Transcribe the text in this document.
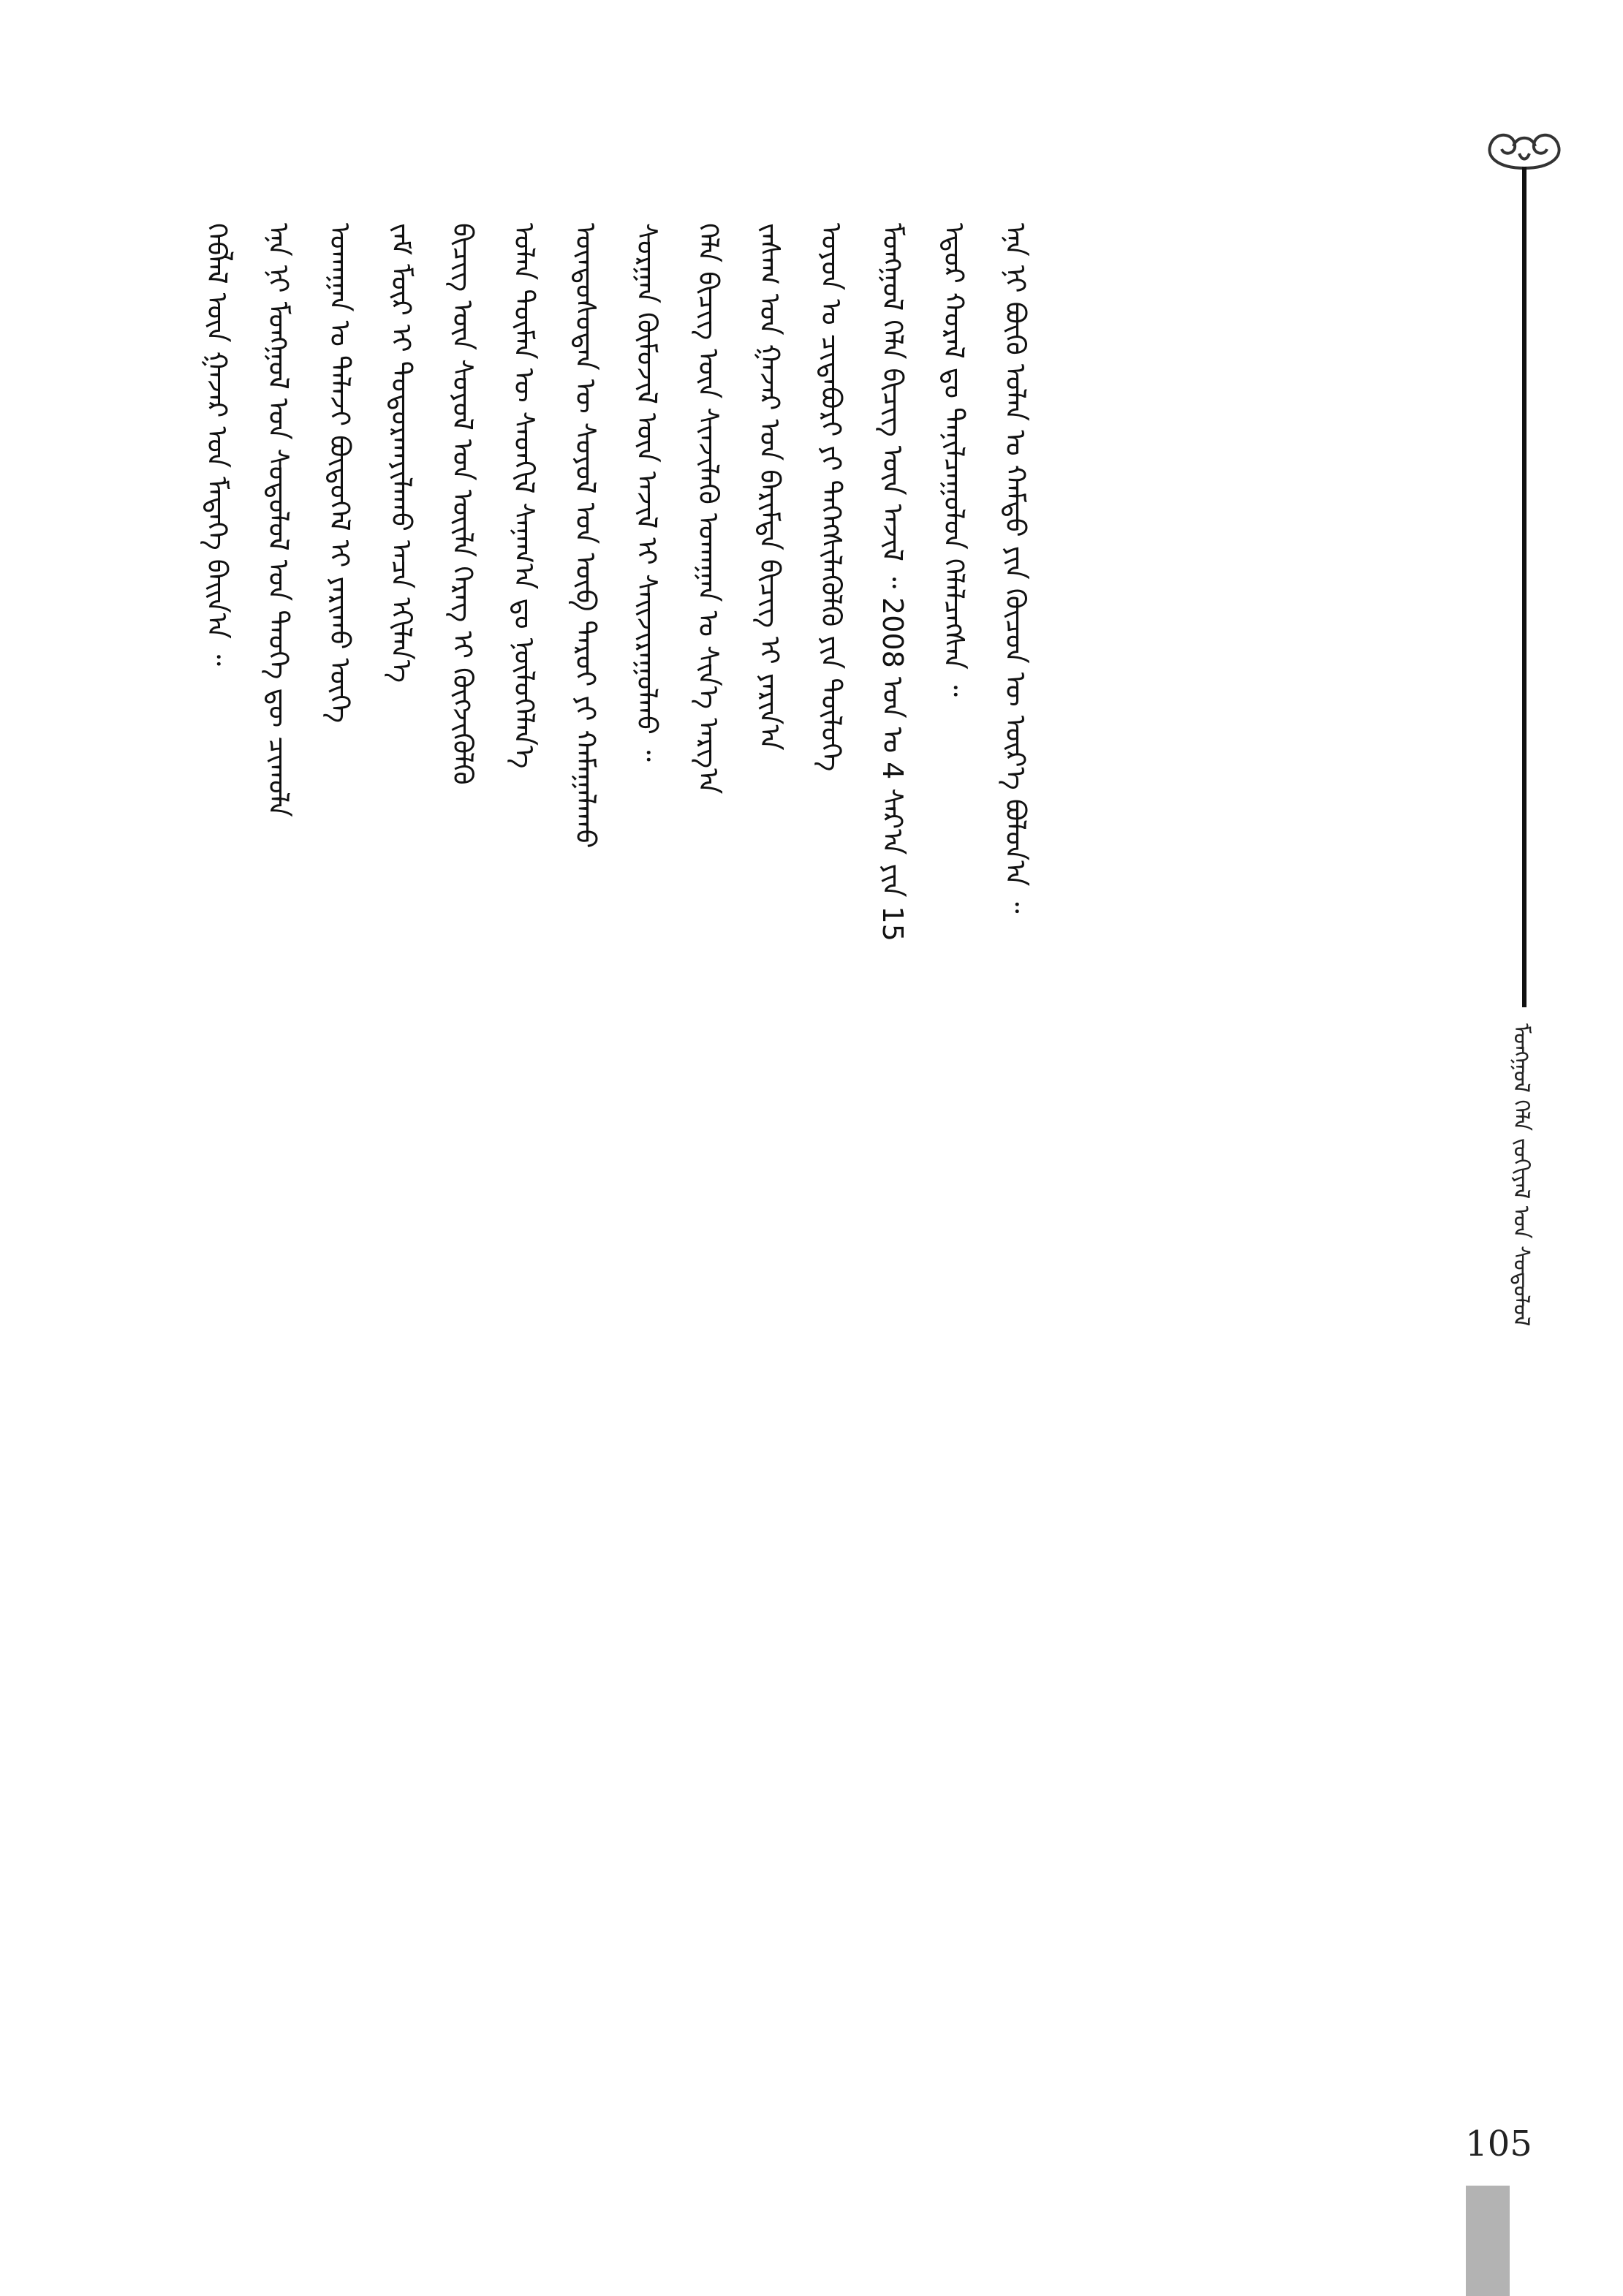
ᠮᠣᠩᠭᠣᠯ ᠬᠡᠯᠡ ᠵᠣᠬᠢᠶᠠᠯ ᠤᠨ ᠰᠤᠳᠤᠯᠤᠯ
ᠬᠡᠪᠯᠡᠯ ᠦᠨ ᠭᠠᠵᠠᠷ ᠤᠨ ᠮᠡᠳᠡᠭᠡ ᠪᠠᠢᠨ᠎ᠠ ᠃	ᠡᠨᠡ ᠨᠢ ᠮᠣᠩᠭᠣᠯ ᠤᠨ ᠰᠤᠳᠤᠯᠤᠯ ᠤᠨ ᠲᠡᠦᠬᠡ ᠳᠦ ᠴᠢᠬᠤᠯᠠ	ᠤᠬᠠᠭᠠᠨ ᠤ ᠲᠡᠯᠡᠵᠢ ᠪᠦᠲᠦᠭᠡᠯ ᠢ ᠶᠠᠷᠢᠬᠤ ᠦᠭᠡ	ᠵᠠᠮ ᠮᠥᠷ ᠢ ᠲᠣᠳᠣᠷᠬᠠᠶᠢᠯᠠᠬᠤ ᠠᠴᠠ ᠡᠬᠢᠯᠡᠨ᠎ᠡ	ᠪᠢᠴᠢᠭ ᠦᠨ ᠰᠣᠶᠣᠯ ᠤᠨ ᠦᠢᠯᠡ ᠬᠡᠷᠡᠭ ᠢ ᠬᠥᠭᠵᠢᠭᠦᠯᠬᠦ	ᠣᠯᠠᠨ ᠲᠦᠮᠡᠨ ᠦ ᠰᠡᠳᠬᠢᠯ ᠰᠠᠨᠠᠭ᠎ᠠ ᠳᠤ ᠨᠥᠯᠦᠭᠡᠯᠡᠨ᠎ᠡ	ᠦᠨᠳᠦᠰᠦᠲᠡᠨ ᠦ ᠰᠣᠶᠣᠯ ᠤᠨ ᠥᠪ ᠳᠠᠷᠤᠢ ᠶᠢ ᠬᠠᠮᠠᠭᠠᠯᠠᠬᠤ	ᠰᠤᠷᠭᠠᠨ ᠬᠦᠮᠦᠵᠢᠯ ᠦᠨ ᠠᠵᠢᠯ ᠢ ᠰᠠᠢᠵᠢᠷᠠᠭᠤᠯᠬᠤ ᠃	ᠬᠡᠯᠡ ᠪᠢᠴᠢᠭ ᠦᠨ ᠰᠢᠨᠵᠢᠯᠡᠬᠦ ᠤᠬᠠᠭᠠᠨ ᠤ ᠰᠢᠨ᠎ᠡ ᠠᠷᠭ᠎ᠠ	ᠵᠠᠰᠠᠭ ᠤᠨ ᠭᠠᠵᠠᠷ ᠤᠨ ᠪᠠᠷᠢᠮᠲᠠ ᠪᠢᠴᠢᠭ ᠢ ᠶᠠᠷᠢᠨ᠎ᠠ	ᠣᠶᠣᠨ ᠤ ᠴᠢᠳᠠᠪᠤᠷᠢ ᠶᠢ ᠳᠡᠭᠡᠭᠰᠢᠯᠡᠭᠦᠯᠬᠦ ᠶᠢᠨ ᠲᠥᠯᠦᠭᠡ	ᠮᠣᠩᠭᠣᠯ ᠬᠡᠯᠡ ᠪᠢᠴᠢᠭ ᠦᠨ ᠠᠵᠢᠯ ᠃ 2008 ᠣᠨ ᠤ 4 ᠰᠠᠷ᠎ᠠ ᠶᠢᠨ 15	ᠡᠳᠦᠷ ᠬᠤᠷᠠᠯ ᠳᠤ ᠲᠠᠨᠢᠯᠴᠠᠭᠤᠯᠤᠨ ᠬᠡᠯᠡᠯᠴᠡᠭᠰᠡᠨ ᠃	ᠡᠨᠡ ᠨᠢ ᠪᠦᠬᠦ ᠣᠯᠠᠨ ᠤ ᠬᠠᠮᠲᠤ ᠶᠢᠨ ᠬᠦᠴᠦᠨ ᠦ ᠦᠷ᠎ᠡ ᠪᠣᠯᠤᠨ᠎ᠠ ᠃
105
